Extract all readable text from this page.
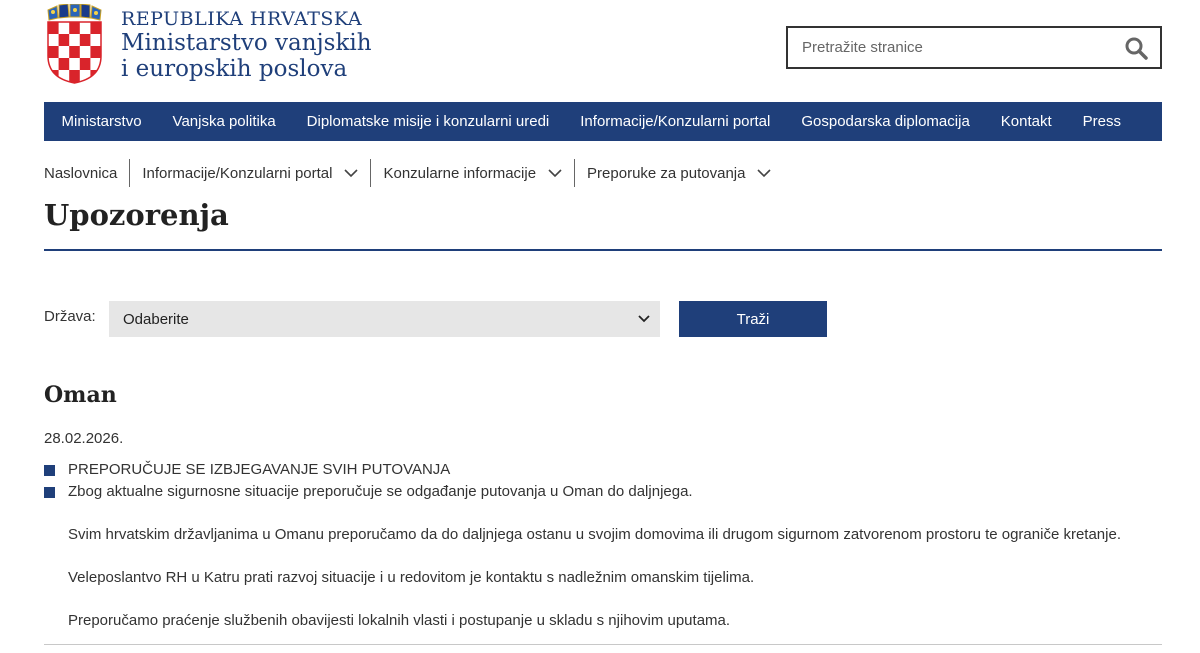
REPUBLIKA HRVATSKA
Ministarstvo vanjskih
i europskih poslova
Pretražite stranice
Ministarstvo Vanjska politika Diplomatske misije i konzularni uredi Informacije/Konzularni portal Gospodarska diplomacija Kontakt Press
Naslovnica Informacije/Konzularni portal	Konzularne informacije	Preporuke za putovanja
Upozorenja
Država: Odaberite	Traži
Oman
28.02.2026.
PREPORUČUJE SE IZBJEGAVANJE SVIH PUTOVANJA
Zbog aktualne sigurnosne situacije preporučuje se odgađanje putovanja u Oman do daljnjega.

Svim hrvatskim državljanima u Omanu preporučamo da do daljnjega ostanu u svojim domovima ili drugom sigurnom zatvorenom prostoru te ograniče kretanje.

Veleposlantvo RH u Katru prati razvoj situacije i u redovitom je kontaktu s nadležnim omanskim tijelima.

Preporučamo praćenje službenih obavijesti lokalnih vlasti i postupanje u skladu s njihovim uputama.
